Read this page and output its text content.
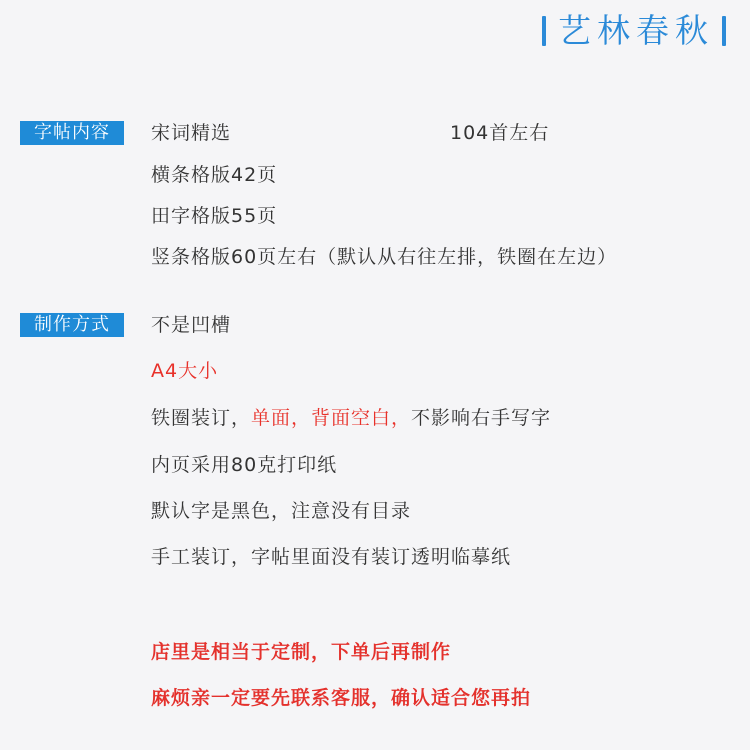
艺林春秋
字帖内容	宋词精选	104首左右
横条格版42页
田字格版55页
竖条格版60页左右（默认从右往左排，铁圈在左边）
制作方式	不是凹槽
A4大小
铁圈装订，单面，背面空白，不影响右手写字
内页采用80克打印纸
默认字是黑色，注意没有目录
手工装订，字帖里面没有装订透明临摹纸
店里是相当于定制，下单后再制作
麻烦亲一定要先联系客服，确认适合您再拍
